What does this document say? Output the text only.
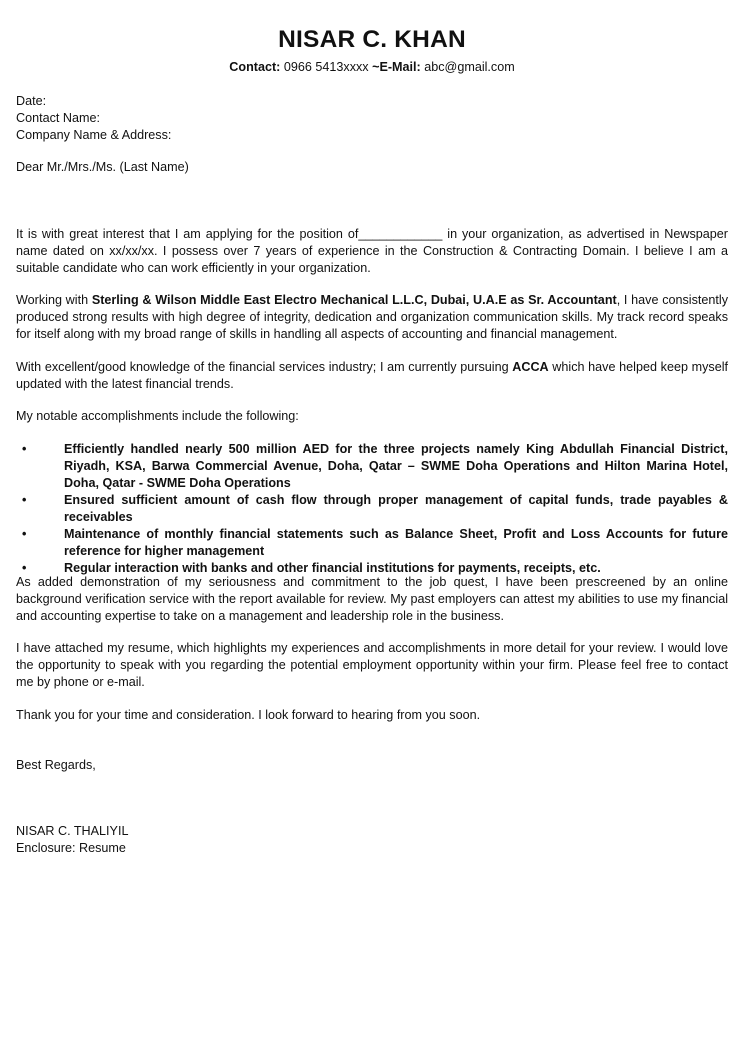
NISAR C. KHAN
Contact: 0966 5413xxxx ~E-Mail: abc@gmail.com

Date:

Contact Name:

Company Name & Address:

Dear Mr./Mrs./Ms. (Last Name)

It is with great interest that I am applying for the position of____________ in your organization, as advertised in Newspaper name dated on xx/xx/xx. I possess over 7 years of experience in the Construction & Contracting Domain. I believe I am a suitable candidate who can work efficiently in your organization.

Working with Sterling & Wilson Middle East Electro Mechanical L.L.C, Dubai, U.A.E as Sr. Accountant, I have consistently produced strong results with high degree of integrity, dedication and organization communication skills. My track record speaks for itself along with my broad range of skills in handling all aspects of accounting and financial management.

With excellent/good knowledge of the financial services industry; I am currently pursuing ACCA which have helped keep myself updated with the latest financial trends.

My notable accomplishments include the following:
•	Efficiently handled nearly 500 million AED for the three projects namely King Abdullah Financial District, Riyadh, KSA, Barwa Commercial Avenue, Doha, Qatar – SWME Doha Operations and Hilton Marina Hotel, Doha, Qatar - SWME Doha Operations
•	Ensured sufficient amount of cash flow through proper management of capital funds, trade payables & receivables
•	Maintenance of monthly financial statements such as Balance Sheet, Profit and Loss Accounts for future reference for higher management
•	Regular interaction with banks and other financial institutions for payments, receipts, etc.

As added demonstration of my seriousness and commitment to the job quest, I have been prescreened by an online background verification service with the report available for review. My past employers can attest my abilities to use my financial and accounting expertise to take on a management and leadership role in the business.

I have attached my resume, which highlights my experiences and accomplishments in more detail for your review. I would love the opportunity to speak with you regarding the potential employment opportunity within your firm. Please feel free to contact me by phone or e-mail.

Thank you for your time and consideration. I look forward to hearing from you soon.
Best Regards,

NISAR C. THALIYIL

Enclosure: Resume
